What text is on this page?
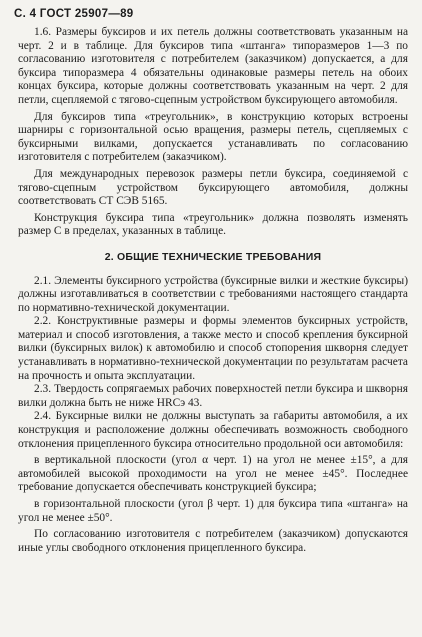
С. 4 ГОСТ 25907—89

1.6. Размеры буксиров и их петель должны соответствовать указанным на черт. 2 и в таблице. Для буксиров типа «штанга» типоразмеров 1—3 по согласованию изготовителя с потребителем (заказчиком) допускается, а для буксира типоразмера 4 обязательны одинаковые размеры петель на обоих концах буксира, которые должны соответствовать указанным на черт. 2 для петли, сцепляемой с тягово-сцепным устройством буксирующего автомобиля.

Для буксиров типа «треугольник», в конструкцию которых встроены шарниры с горизонтальной осью вращения, размеры петель, сцепляемых с буксирными вилками, допускается устанавливать по согласованию изготовителя с потребителем (заказчиком).

Для международных перевозок размеры петли буксира, соединяемой с тягово-сцепным устройством буксирующего автомобиля, должны соответствовать СТ СЭВ 5165.

Конструкция буксира типа «треугольник» должна позволять изменять размер C в пределах, указанных в таблице.

2. ОБЩИЕ ТЕХНИЧЕСКИЕ ТРЕБОВАНИЯ

2.1. Элементы буксирного устройства (буксирные вилки и жесткие буксиры) должны изготавливаться в соответствии с требованиями настоящего стандарта по нормативно-технической документации.

2.2. Конструктивные размеры и формы элементов буксирных устройств, материал и способ изготовления, а также место и способ крепления буксирной вилки (буксирных вилок) к автомобилю и способ стопорения шкворня следует устанавливать в нормативно-технической документации по результатам расчета на прочность и опыта эксплуатации.

2.3. Твердость сопрягаемых рабочих поверхностей петли буксира и шкворня вилки должна быть не ниже HRCэ 43.

2.4. Буксирные вилки не должны выступать за габариты автомобиля, а их конструкция и расположение должны обеспечивать возможность свободного отклонения прицепленного буксира относительно продольной оси автомобиля:

в вертикальной плоскости (угол α черт. 1) на угол не менее ±15°, а для автомобилей высокой проходимости на угол не менее ±45°. Последнее требование допускается обеспечивать конструкцией буксира;

в горизонтальной плоскости (угол β черт. 1) для буксира типа «штанга» на угол не менее ±50°.

По согласованию изготовителя с потребителем (заказчиком) допускаются иные углы свободного отклонения прицепленного буксира.
